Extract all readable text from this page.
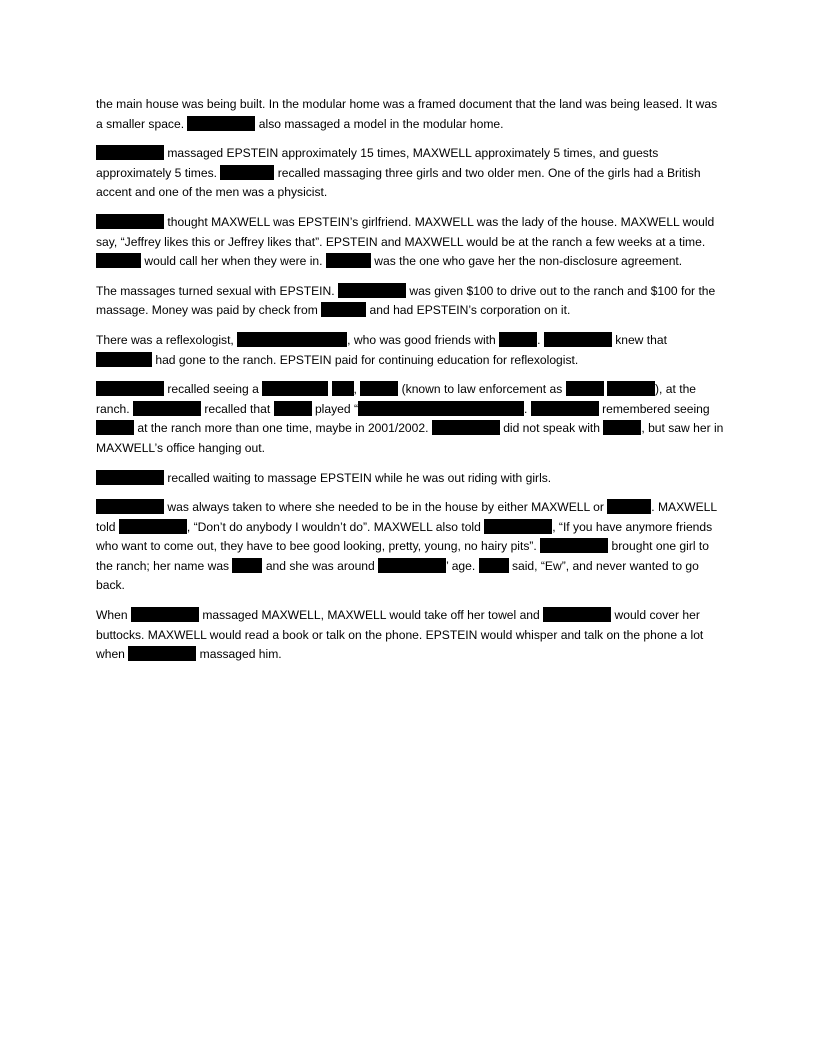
the main house was being built. In the modular home was a framed document that the land was being leased. It was a smaller space.	also massaged a model in the modular home.

massaged EPSTEIN approximately 15 times, MAXWELL approximately 5 times, and guests approximately 5 times.	recalled massaging three girls and two older men. One of the girls had a British accent and one of the men was a physicist.

thought MAXWELL was EPSTEIN’s girlfriend. MAXWELL was the lady of the house. MAXWELL would say, “Jeffrey likes this or Jeffrey likes that”. EPSTEIN and MAXWELL would be at the ranch a few weeks at a time.  would call her when they were in.	was the one who gave her the non-disclosure agreement.

The massages turned sexual with EPSTEIN.	was given $100 to drive out to the ranch and $100 for the massage. Money was paid by check from	and had EPSTEIN’s corporation on it.

There was a reflexologist,	, who was good friends with	.	knew that  had gone to the ranch. EPSTEIN paid for continuing education for reflexologist.

recalled seeing a	,	(known to law enforcement as	), at the ranch.	recalled that	played “	.	remembered seeing  at the ranch more than one time, maybe in 2001/2002.	did not speak with	, but saw her in MAXWELL’s office hanging out.

recalled waiting to massage EPSTEIN while he was out riding with girls.

was always taken to where she needed to be in the house by either MAXWELL or	. MAXWELL told	, “Don’t do anybody I wouldn’t do”. MAXWELL also told	, “If you have anymore friends who want to come out, they have to bee good looking, pretty, young, no hairy pits”.	brought one girl to the ranch; her name was  and she was around	’ age.  said, “Ew”, and never wanted to go back.

When	massaged MAXWELL, MAXWELL would take off her towel and	would cover her buttocks. MAXWELL would read a book or talk on the phone. EPSTEIN would whisper and talk on the phone a lot when	massaged him.
